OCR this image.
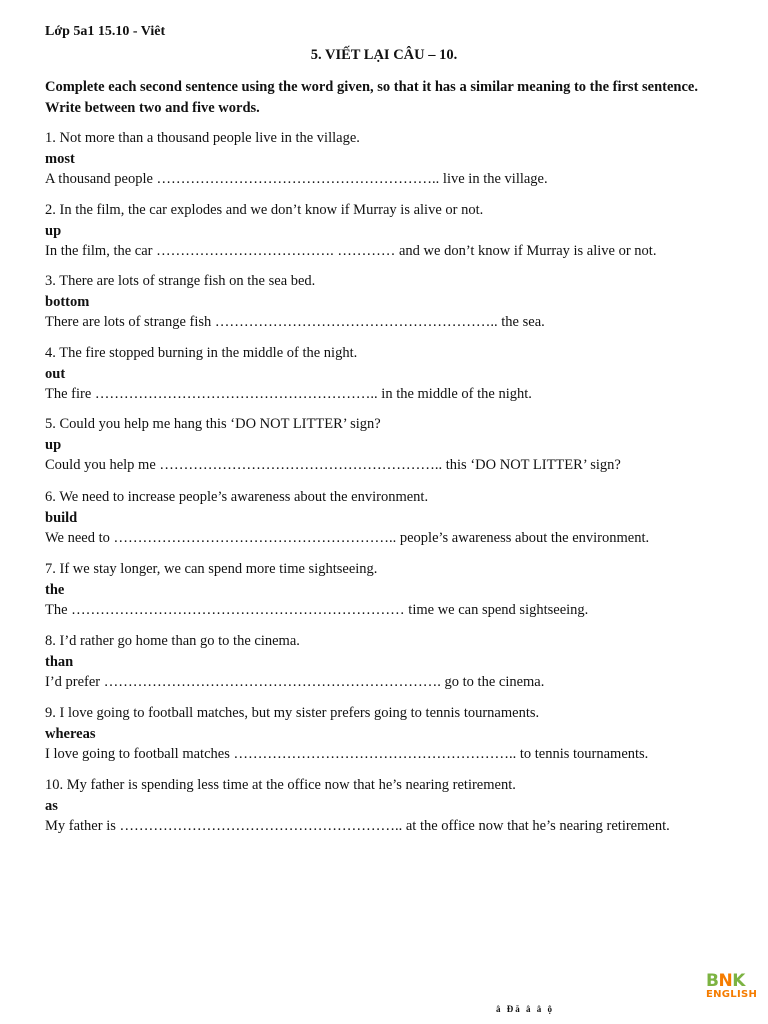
Lớp 5a1 15.10 - Viêt
5. VIẾT LẠI CÂU – 10.
Complete each second sentence using the word given, so that it has a similar meaning to the first sentence. Write between two and five words.
1. Not more than a thousand people live in the village.
most
A thousand people ………………………………………………….. live in the village.
2. In the film, the car explodes and we don’t know if Murray is alive or not.
up
In the film, the car ………………………………. ………… and we don’t know if Murray is alive or not.
3. There are lots of strange fish on the sea bed.
bottom
There are lots of strange fish ………………………………………………….. the sea.
4. The fire stopped burning in the middle of the night.
out
The fire ………………………………………………….. in the middle of the night.
5. Could you help me hang this ‘DO NOT LITTER’ sign?
up
Could you help me ………………………………………………….. this ‘DO NOT LITTER’ sign?
6. We need to increase people’s awareness about the environment.
build
We need to ………………………………………………….. people’s awareness about the environment.
7. If we stay longer, we can spend more time sightseeing.
the
The …………………………………………………………… time we can spend sightseeing.
8. I’d rather go home than go to the cinema.
than
I’d prefer ……………………………………………………………. go to the cinema.
9. I love going to football matches, but my sister prefers going to tennis tournaments.
whereas
I love going to football matches ………………………………………………….. to tennis tournaments.
10. My father is spending less time at the office now that he’s nearing retirement.
as
My father is ………………………………………………….. at the office now that he’s nearing retirement.
â Đă â â ộ
BNK
ENGLISH
